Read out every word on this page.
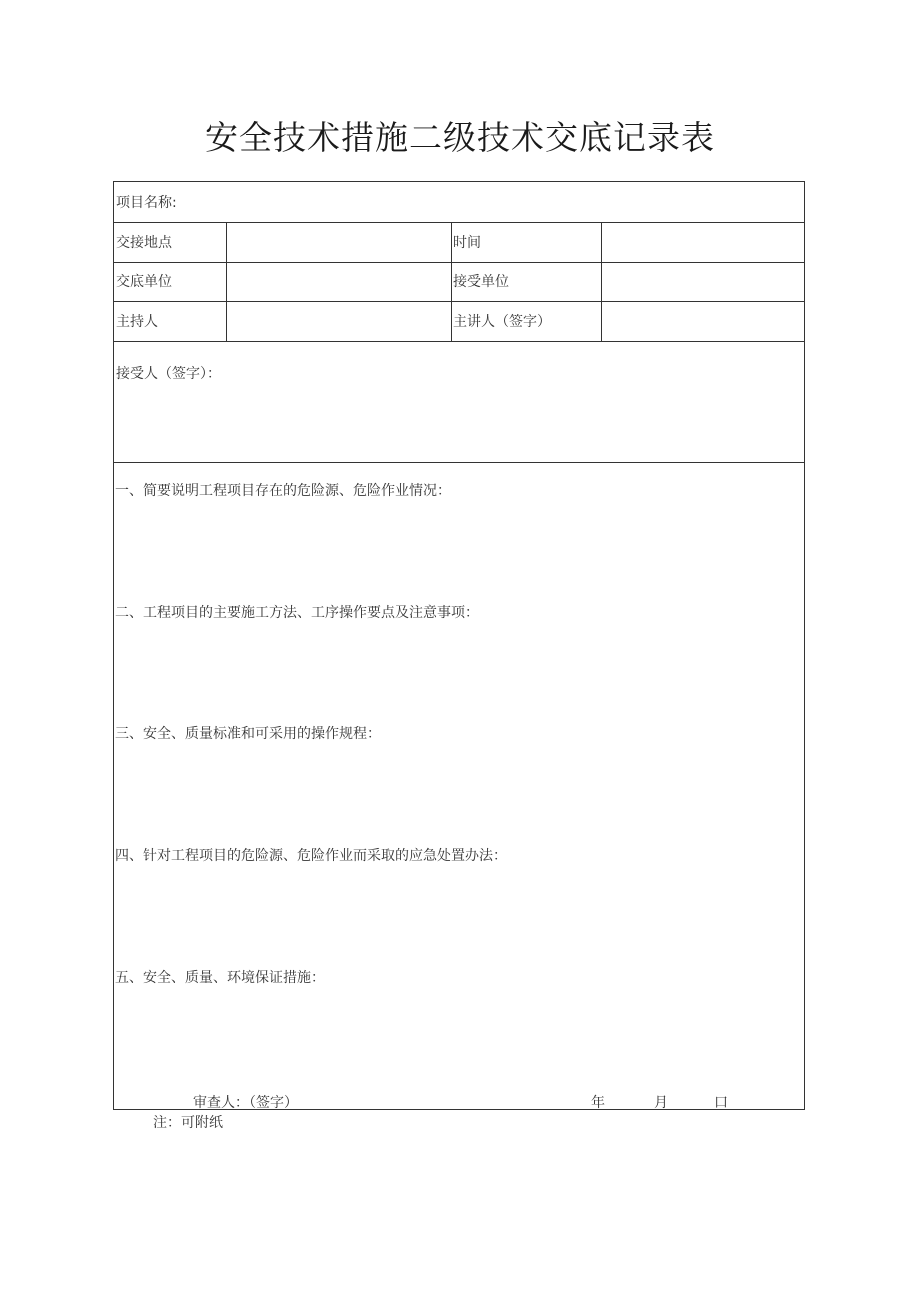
安全技术措施二级技术交底记录表
项目名称:
交接地点	时间
交底单位	接受单位
主持人	主讲人（签字）
接受人（签字）：
一、简要说明工程项目存在的危险源、危险作业情况：
二、工程项目的主要施工方法、工序操作要点及注意事项：
三、安全、质量标准和可采用的操作规程：
四、针对工程项目的危险源、危险作业而采取的应急处置办法：
五、安全、质量、环境保证措施：
审查人：（签字）	年	月	口
注：可附纸
